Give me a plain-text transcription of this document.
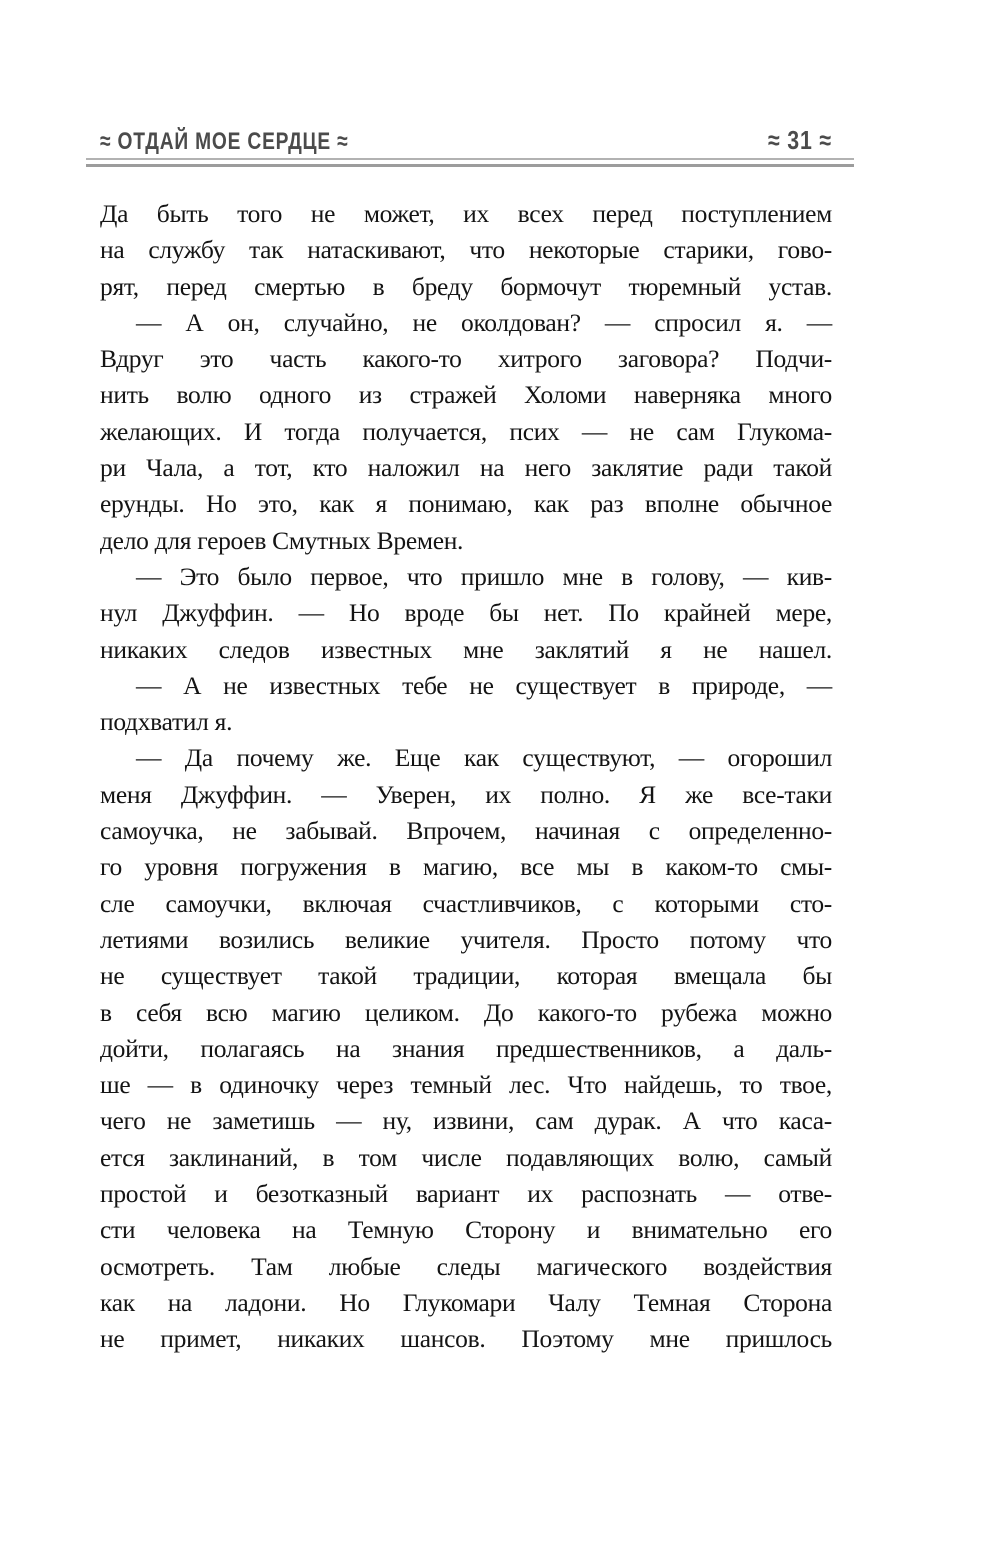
≈ ОТДАЙ МОЕ СЕРДЦЕ ≈	≈ 31 ≈
Да быть того не может, их всех перед поступлением
на службу так натаскивают, что некоторые старики, гово-
рят, перед смертью в бреду бормочут тюремный устав.
— А он, случайно, не околдован? — спросил я. —
Вдруг это часть какого-то хитрого заговора? Подчи-
нить волю одного из стражей Холоми наверняка много
желающих. И тогда получается, псих — не сам Глукома-
ри Чала, а тот, кто наложил на него заклятие ради такой
ерунды. Но это, как я понимаю, как раз вполне обычное
дело для героев Смутных Времен.
— Это было первое, что пришло мне в голову, — кив-
нул Джуффин. — Но вроде бы нет. По крайней мере,
никаких следов известных мне заклятий я не нашел.
— А не известных тебе не существует в природе, —
подхватил я.
— Да почему же. Еще как существуют, — огорошил
меня Джуффин. — Уверен, их полно. Я же все-таки
самоучка, не забывай. Впрочем, начиная с определенно-
го уровня погружения в магию, все мы в каком-то смы-
сле самоучки, включая счастливчиков, с которыми сто-
летиями возились великие учителя. Просто потому что
не существует такой традиции, которая вмещала бы
в себя всю магию целиком. До какого-то рубежа можно
дойти, полагаясь на знания предшественников, а даль-
ше — в одиночку через темный лес. Что найдешь, то твое,
чего не заметишь — ну, извини, сам дурак. А что каса-
ется заклинаний, в том числе подавляющих волю, самый
простой и безотказный вариант их распознать — отве-
сти человека на Темную Сторону и внимательно его
осмотреть. Там любые следы магического воздействия
как на ладони. Но Глукомари Чалу Темная Сторона
не примет, никаких шансов. Поэтому мне пришлось
